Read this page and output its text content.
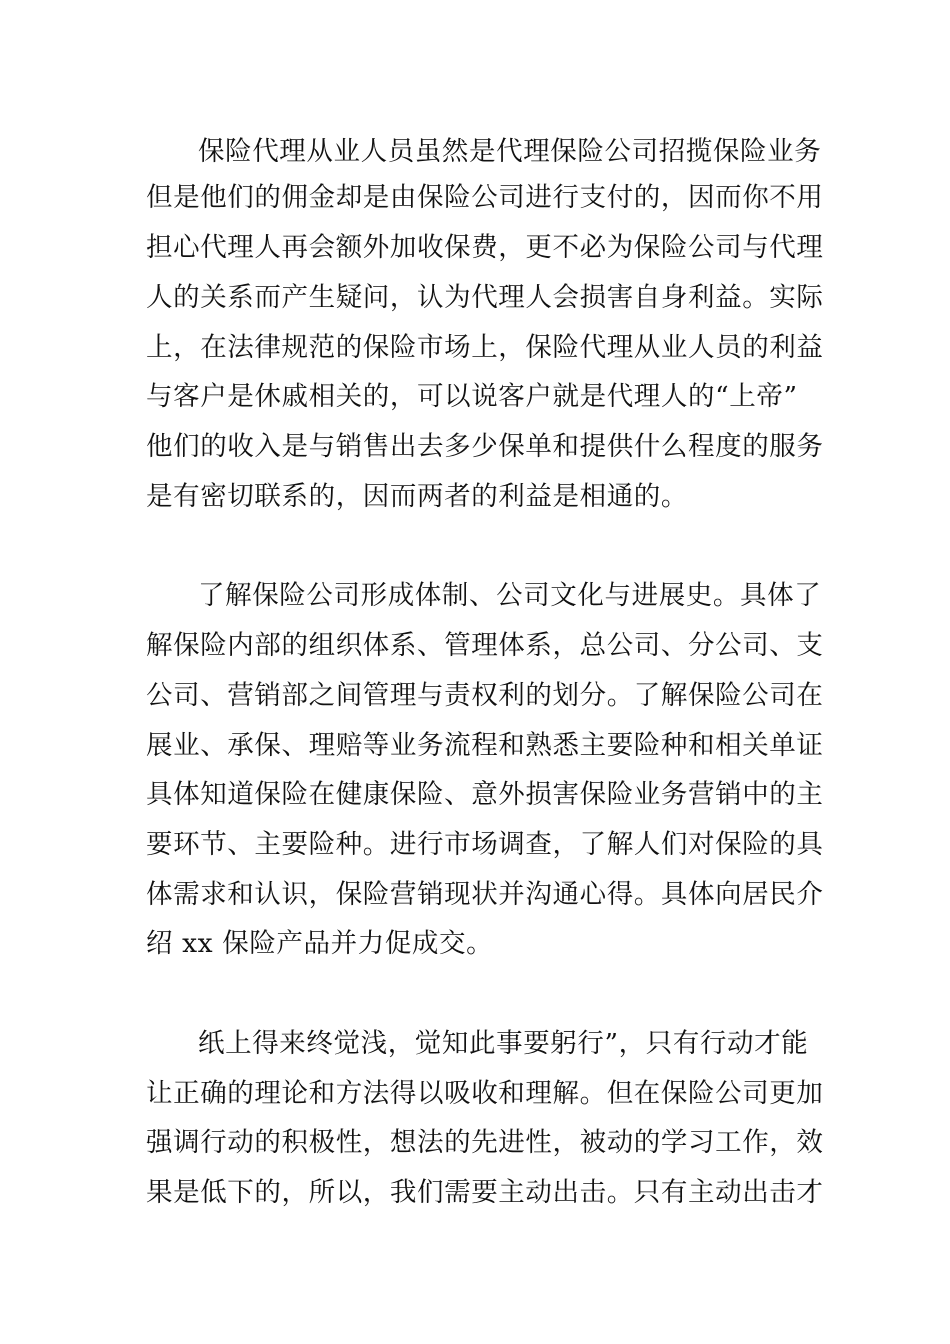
保险代理从业人员虽然是代理保险公司招揽保险业务
但是他们的佣金却是由保险公司进行支付的，因而你不用
担心代理人再会额外加收保费，更不必为保险公司与代理
人的关系而产生疑问，认为代理人会损害自身利益。实际
上，在法律规范的保险市场上，保险代理从业人员的利益
与客户是休戚相关的，可以说客户就是代理人的“上帝”
他们的收入是与销售出去多少保单和提供什么程度的服务
是有密切联系的，因而两者的利益是相通的。
了解保险公司形成体制、公司文化与进展史。具体了
解保险内部的组织体系、管理体系，总公司、分公司、支
公司、营销部之间管理与责权利的划分。了解保险公司在
展业、承保、理赔等业务流程和熟悉主要险种和相关单证
具体知道保险在健康保险、意外损害保险业务营销中的主
要环节、主要险种。进行市场调查，了解人们对保险的具
体需求和认识，保险营销现状并沟通心得。具体向居民介
绍 xx 保险产品并力促成交。
纸上得来终觉浅，觉知此事要躬行”，只有行动才能
让正确的理论和方法得以吸收和理解。但在保险公司更加
强调行动的积极性，想法的先进性，被动的学习工作，效
果是低下的，所以，我们需要主动出击。只有主动出击才
